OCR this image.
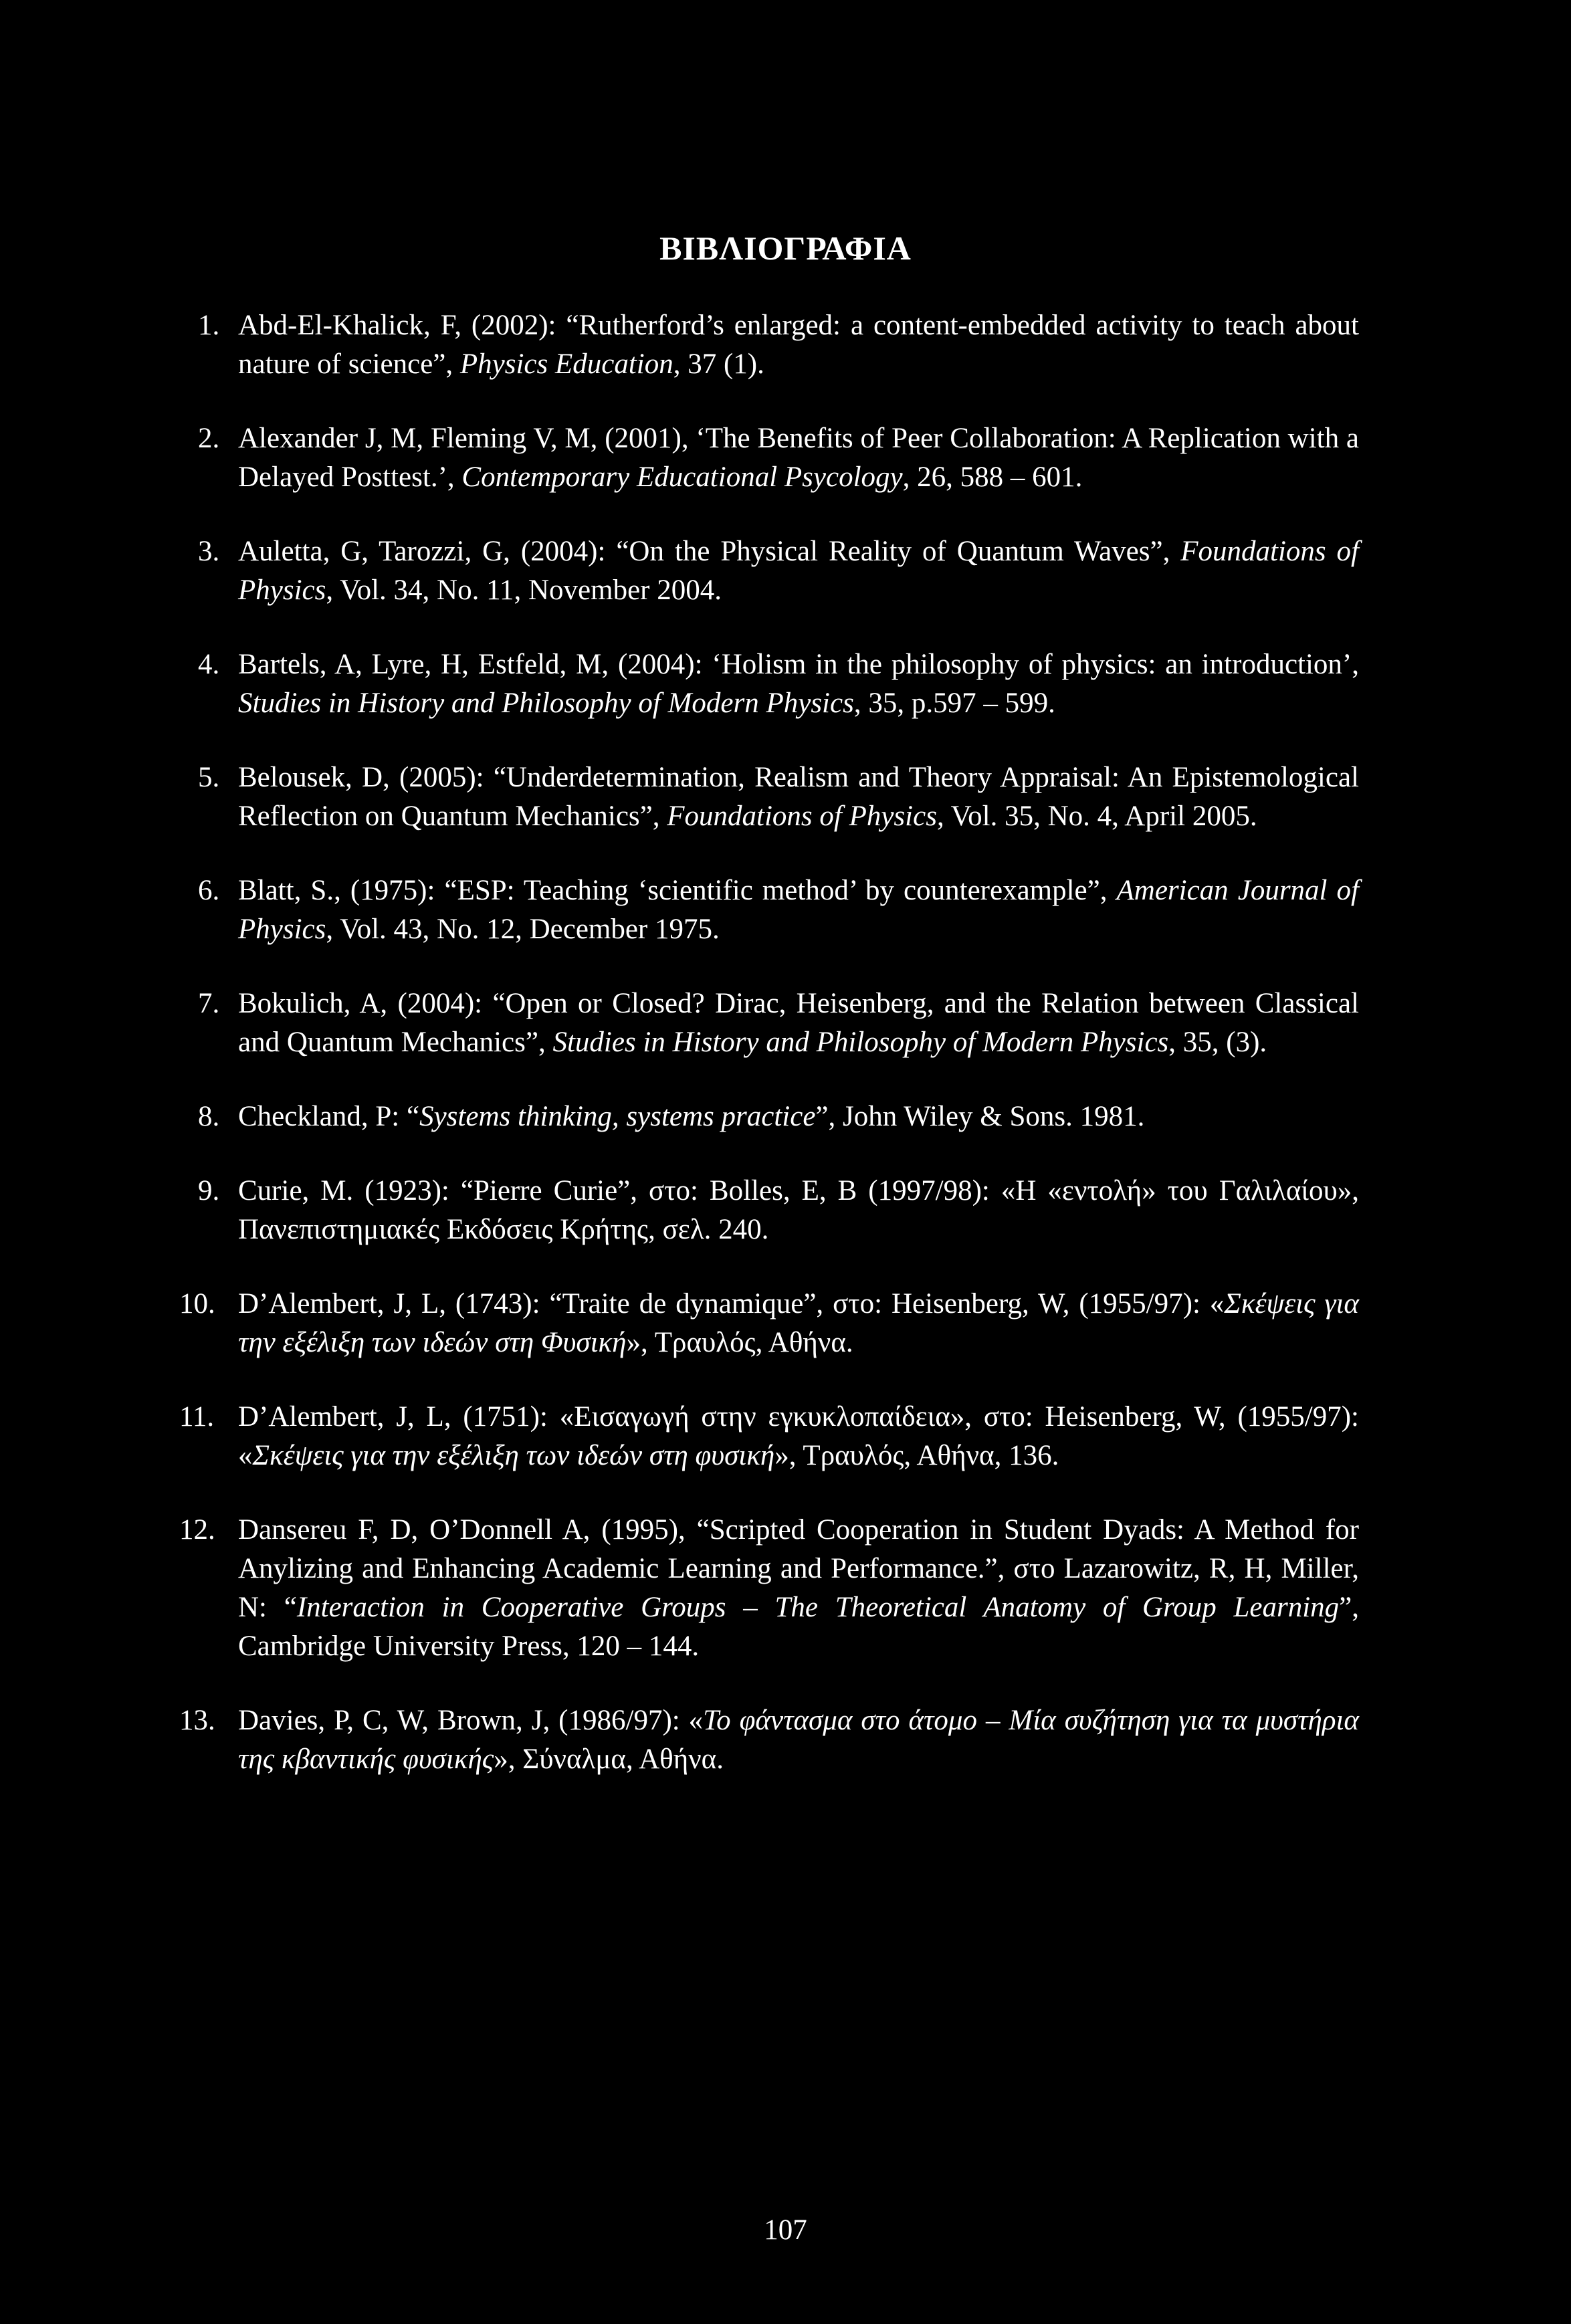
ΒΙΒΛΙΟΓΡΑΦΙΑ
1. Abd-El-Khalick, F, (2002): “Rutherford’s enlarged: a content-embedded activity to teach about nature of science”, Physics Education, 37 (1).
2. Alexander J, M, Fleming V, M, (2001), ‘The Benefits of Peer Collaboration: A Replication with a Delayed Posttest.’, Contemporary Educational Psycology, 26, 588 – 601.
3. Auletta, G, Tarozzi, G, (2004): “On the Physical Reality of Quantum Waves”, Foundations of Physics, Vol. 34, No. 11, November 2004.
4. Bartels, A, Lyre, H, Estfeld, M, (2004): ‘Holism in the philosophy of physics: an introduction’, Studies in History and Philosophy of Modern Physics, 35, p.597 – 599.
5. Belousek, D, (2005): “Underdetermination, Realism and Theory Appraisal: An Epistemological Reflection on Quantum Mechanics”, Foundations of Physics, Vol. 35, No. 4, April 2005.
6. Blatt, S., (1975): “ESP: Teaching ‘scientific method’ by counterexample”, American Journal of Physics, Vol. 43, No. 12, December 1975.
7. Bokulich, A, (2004): “Open or Closed? Dirac, Heisenberg, and the Relation between Classical and Quantum Mechanics”, Studies in History and Philosophy of Modern Physics, 35, (3).
8. Checkland, P: “Systems thinking, systems practice”, John Wiley & Sons. 1981.
9. Curie, M. (1923): “Pierre Curie”, στο: Bolles, E, B (1997/98): «Η «εντολή» του Γαλιλαίου», Πανεπιστημιακές Εκδόσεις Κρήτης, σελ. 240.
10. D’Alembert, J, L, (1743): “Traite de dynamique”, στο: Heisenberg, W, (1955/97): «Σκέψεις για την εξέλιξη των ιδεών στη Φυσική», Τραυλός, Αθήνα.
11. D’Alembert, J, L, (1751): «Εισαγωγή στην εγκυκλοπαίδεια», στο: Heisenberg, W, (1955/97): «Σκέψεις για την εξέλιξη των ιδεών στη φυσική», Τραυλός, Αθήνα, 136.
12. Dansereu F, D, O’Donnell A, (1995), “Scripted Cooperation in Student Dyads: A Method for Anylizing and Enhancing Academic Learning and Performance.”, στο Lazarowitz, R, H, Miller, N: “Interaction in Cooperative Groups – The Theoretical Anatomy of Group Learning”, Cambridge University Press, 120 – 144.
13. Davies, P, C, W, Brown, J, (1986/97): «Το φάντασμα στο άτομο – Μία συζήτηση για τα μυστήρια της κβαντικής φυσικής», Σύναλμα, Αθήνα.
107
